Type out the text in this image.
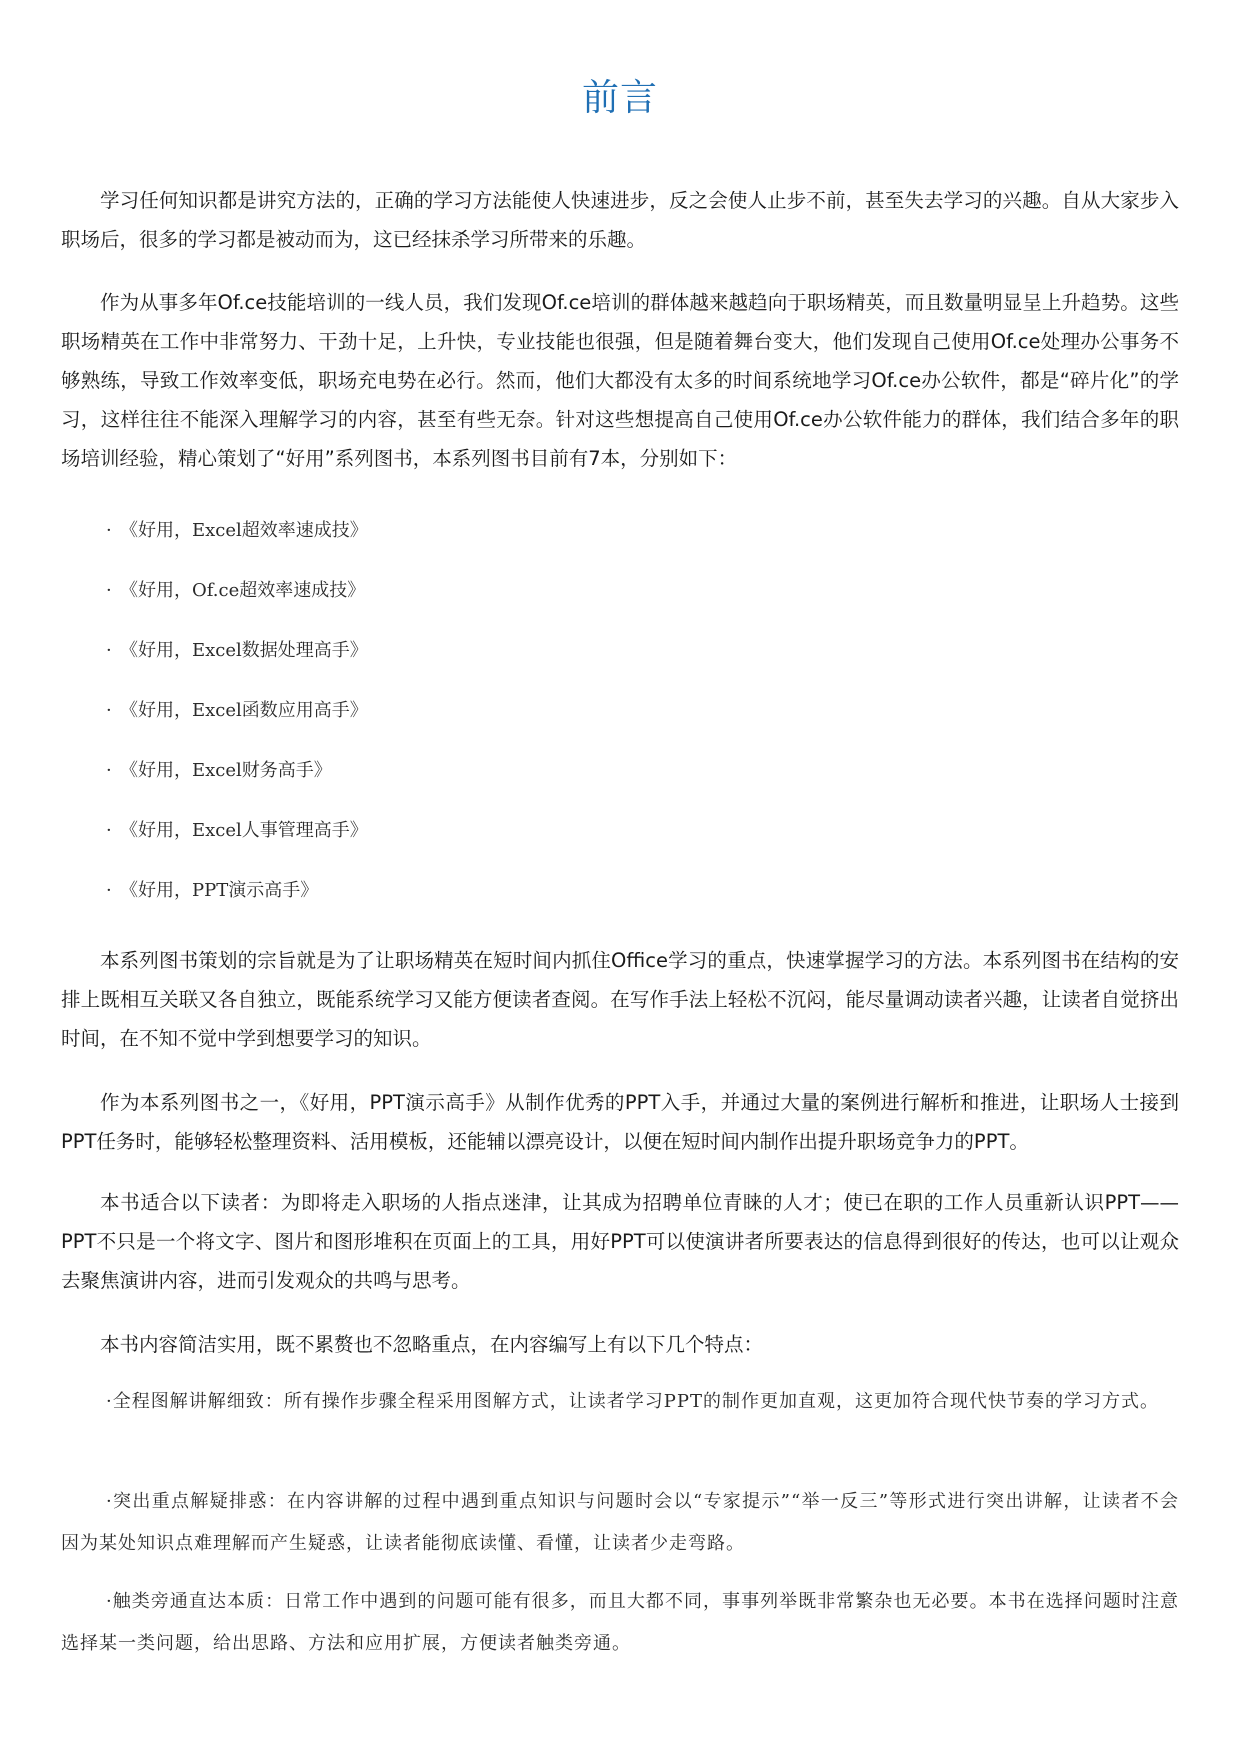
前言

学习任何知识都是讲究方法的，正确的学习方法能使人快速进步，反之会使人止步不前，甚至失去学习的兴趣。自从大家步入职场后，很多的学习都是被动而为，这已经抹杀学习所带来的乐趣。

作为从事多年Of.ce技能培训的一线人员，我们发现Of.ce培训的群体越来越趋向于职场精英，而且数量明显呈上升趋势。这些职场精英在工作中非常努力、干劲十足，上升快，专业技能也很强，但是随着舞台变大，他们发现自己使用Of.ce处理办公事务不够熟练，导致工作效率变低，职场充电势在必行。然而，他们大都没有太多的时间系统地学习Of.ce办公软件，都是“碎片化”的学习，这样往往不能深入理解学习的内容，甚至有些无奈。针对这些想提高自己使用Of.ce办公软件能力的群体，我们结合多年的职场培训经验，精心策划了“好用”系列图书，本系列图书目前有7本，分别如下：

· 《好用，Excel超效率速成技》
· 《好用，Of.ce超效率速成技》
· 《好用，Excel数据处理高手》
· 《好用，Excel函数应用高手》
· 《好用，Excel财务高手》
· 《好用，Excel人事管理高手》
· 《好用，PPT演示高手》

本系列图书策划的宗旨就是为了让职场精英在短时间内抓住Office学习的重点，快速掌握学习的方法。本系列图书在结构的安排上既相互关联又各自独立，既能系统学习又能方便读者查阅。在写作手法上轻松不沉闷，能尽量调动读者兴趣，让读者自觉挤出时间，在不知不觉中学到想要学习的知识。

作为本系列图书之一，《好用，PPT演示高手》从制作优秀的PPT入手，并通过大量的案例进行解析和推进，让职场人士接到PPT任务时，能够轻松整理资料、活用模板，还能辅以漂亮设计，以便在短时间内制作出提升职场竞争力的PPT。

本书适合以下读者：为即将走入职场的人指点迷津，让其成为招聘单位青睐的人才；使已在职的工作人员重新认识PPT——PPT不只是一个将文字、图片和图形堆积在页面上的工具，用好PPT可以使演讲者所要表达的信息得到很好的传达，也可以让观众去聚焦演讲内容，进而引发观众的共鸣与思考。

本书内容简洁实用，既不累赘也不忽略重点，在内容编写上有以下几个特点：

·全程图解讲解细致：所有操作步骤全程采用图解方式，让读者学习PPT的制作更加直观，这更加符合现代快节奏的学习方式。

·突出重点解疑排惑：在内容讲解的过程中遇到重点知识与问题时会以“专家提示”“举一反三”等形式进行突出讲解，让读者不会因为某处知识点难理解而产生疑惑，让读者能彻底读懂、看懂，让读者少走弯路。

·触类旁通直达本质：日常工作中遇到的问题可能有很多，而且大都不同，事事列举既非常繁杂也无必要。本书在选择问题时注意选择某一类问题，给出思路、方法和应用扩展，方便读者触类旁通。
